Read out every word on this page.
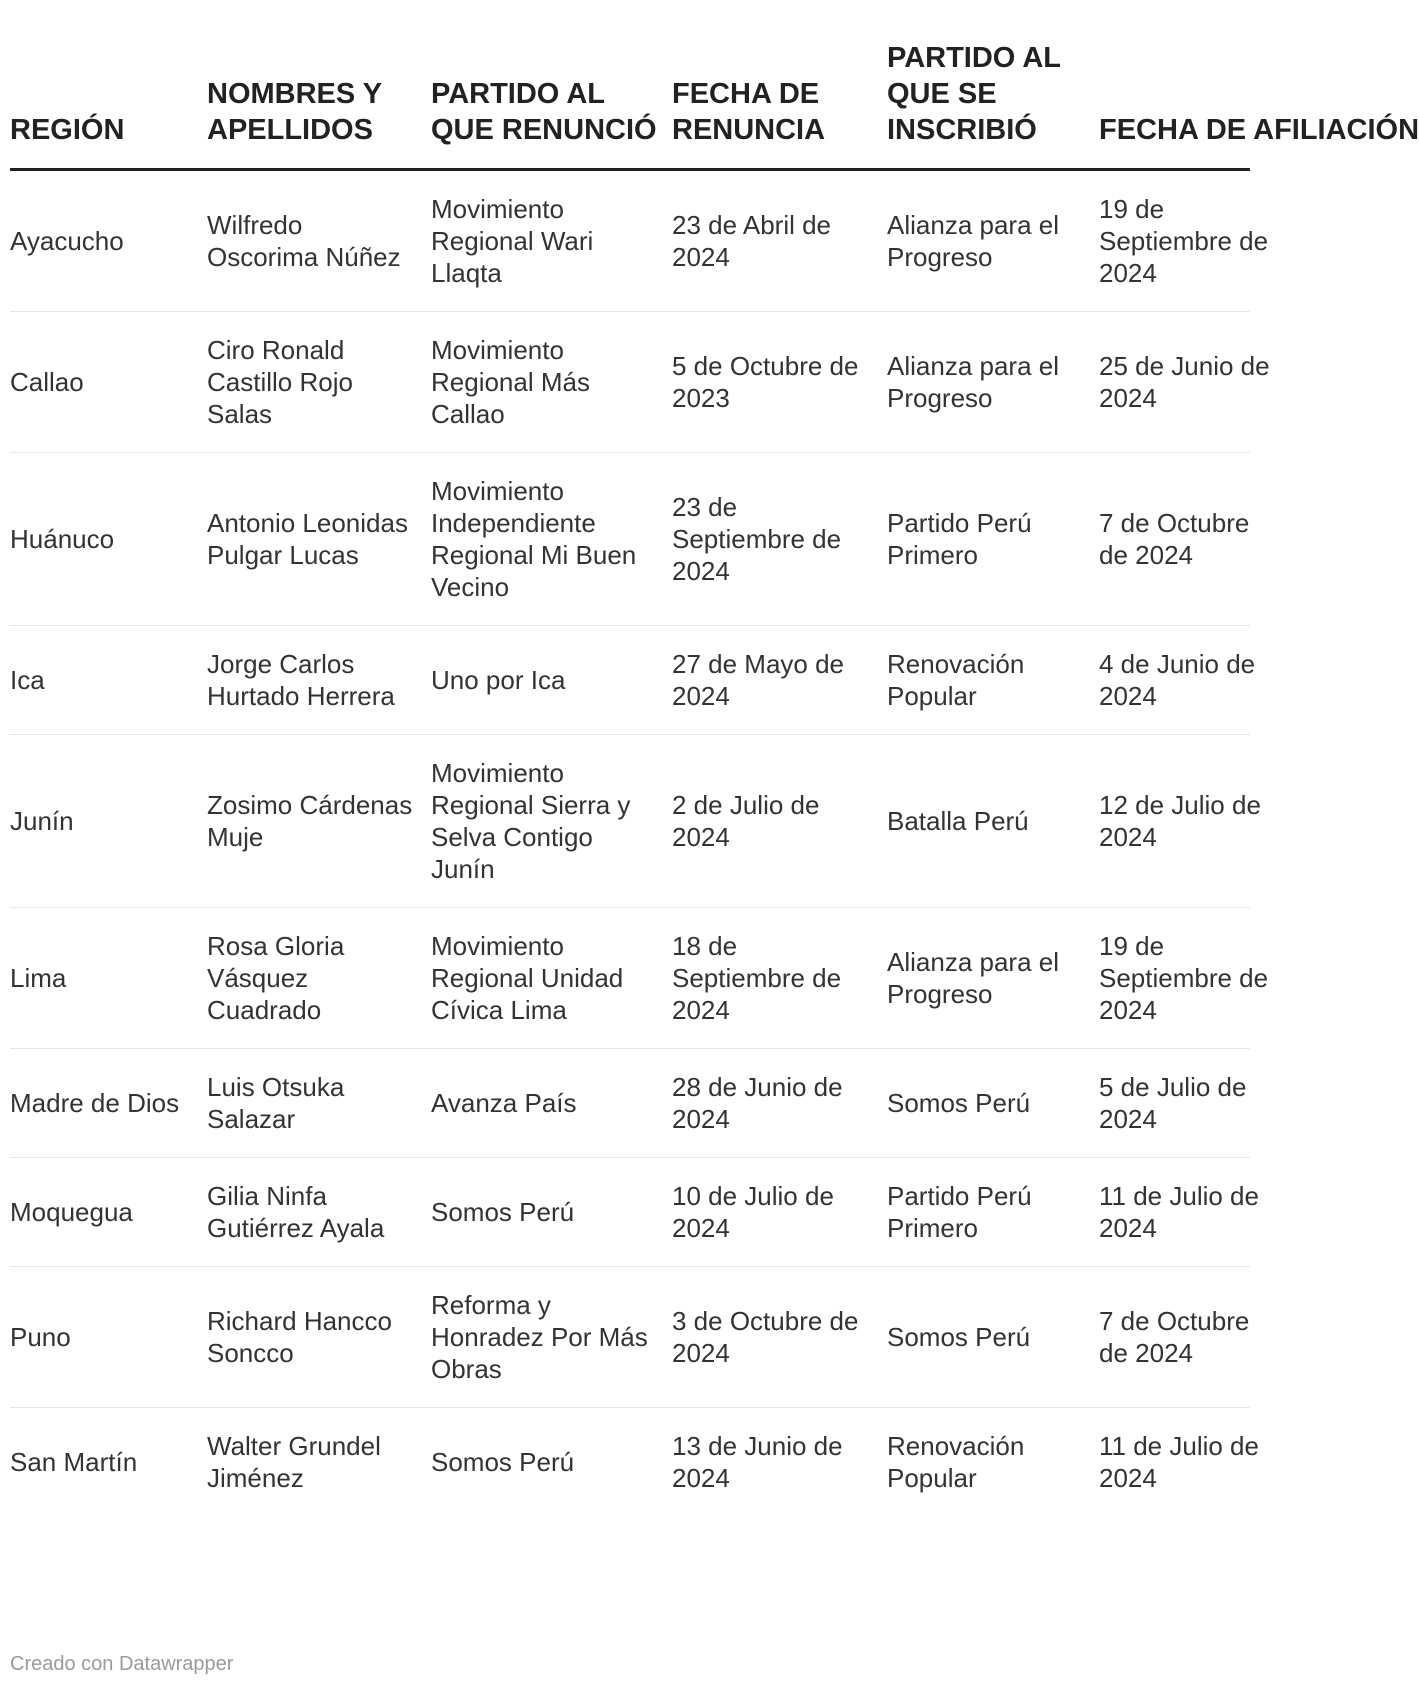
REGIÓN	NOMBRES Y APELLIDOS	PARTIDO AL QUE RENUNCIÓ	FECHA DE RENUNCIA	PARTIDO AL QUE SE INSCRIBIÓ	FECHA DE AFILIACIÓN

Ayacucho	Wilfredo Oscorima Núñez	Movimiento Regional Wari Llaqta	23 de Abril de 2024	Alianza para el Progreso	19 de Septiembre de 2024

Callao	Ciro Ronald Castillo Rojo Salas	Movimiento Regional Más Callao	5 de Octubre de 2023	Alianza para el Progreso	25 de Junio de 2024

Huánuco	Antonio Leonidas Pulgar Lucas	Movimiento Independiente Regional Mi Buen Vecino	23 de Septiembre de 2024	Partido Perú Primero	7 de Octubre de 2024

Ica	Jorge Carlos Hurtado Herrera	Uno por Ica	27 de Mayo de 2024	Renovación Popular	4 de Junio de 2024

Junín	Zosimo Cárdenas Muje	Movimiento Regional Sierra y Selva Contigo Junín	2 de Julio de 2024	Batalla Perú	12 de Julio de 2024

Lima	Rosa Gloria Vásquez Cuadrado	Movimiento Regional Unidad Cívica Lima	18 de Septiembre de 2024	Alianza para el Progreso	19 de Septiembre de 2024

Madre de Dios	Luis Otsuka Salazar	Avanza País	28 de Junio de 2024	Somos Perú	5 de Julio de 2024

Moquegua	Gilia Ninfa Gutiérrez Ayala	Somos Perú	10 de Julio de 2024	Partido Perú Primero	11 de Julio de 2024

Puno	Richard Hancco Soncco	Reforma y Honradez Por Más Obras	3 de Octubre de 2024	Somos Perú	7 de Octubre de 2024

San Martín	Walter Grundel Jiménez	Somos Perú	13 de Junio de 2024	Renovación Popular	11 de Julio de 2024
Creado con Datawrapper
